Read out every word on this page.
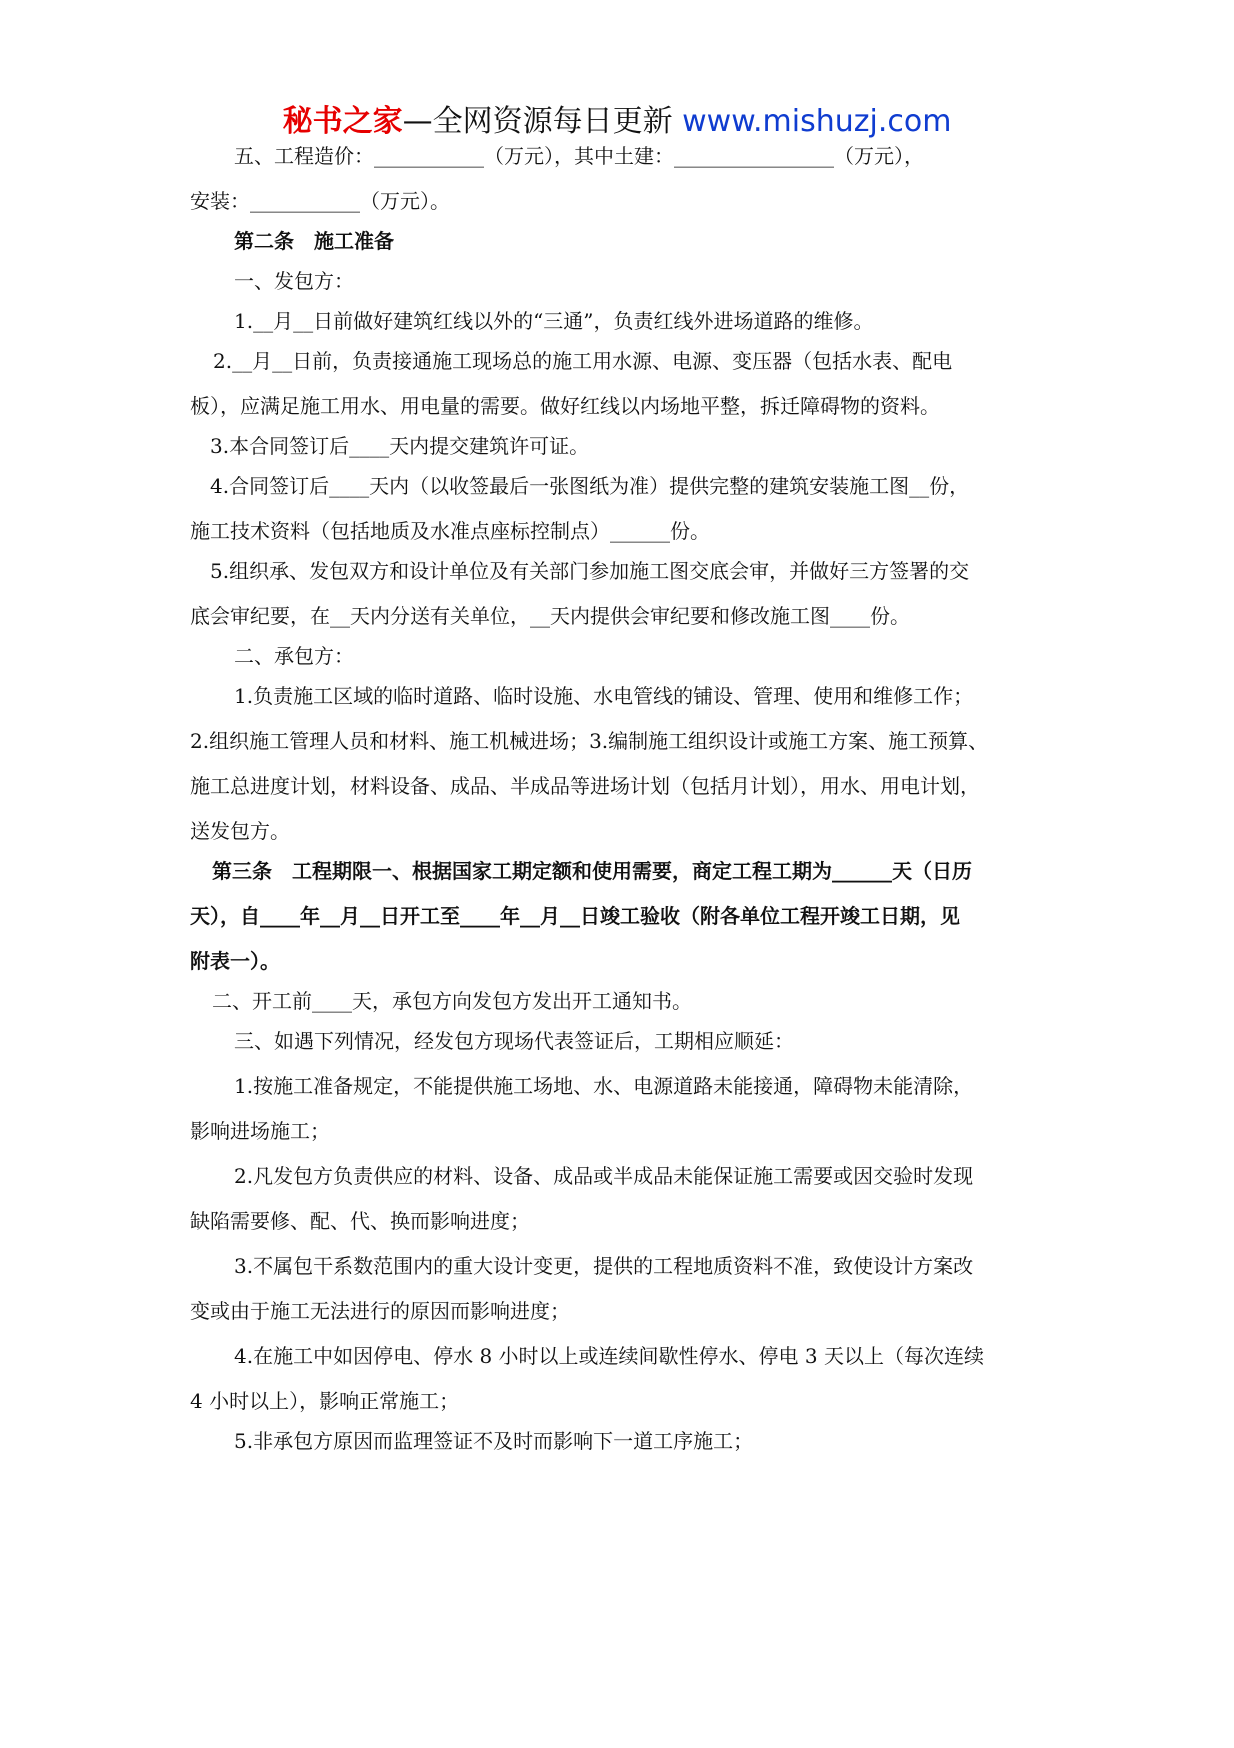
秘书之家—全网资源每日更新 www.mishuzj.com
五、工程造价：___________（万元），其中土建：________________（万元），
安装：___________（万元）。
第二条　施工准备
一、发包方：
1.__月__日前做好建筑红线以外的“三通”，负责红线外进场道路的维修。
2.__月__日前，负责接通施工现场总的施工用水源、电源、变压器（包括水表、配电
板），应满足施工用水、用电量的需要。做好红线以内场地平整，拆迁障碍物的资料。
3.本合同签订后____天内提交建筑许可证。
4.合同签订后____天内（以收签最后一张图纸为准）提供完整的建筑安装施工图__份，
施工技术资料（包括地质及水准点座标控制点）______份。
5.组织承、发包双方和设计单位及有关部门参加施工图交底会审，并做好三方签署的交
底会审纪要，在__天内分送有关单位，__天内提供会审纪要和修改施工图____份。
二、承包方：
1.负责施工区域的临时道路、临时设施、水电管线的铺设、管理、使用和维修工作；
2.组织施工管理人员和材料、施工机械进场；3.编制施工组织设计或施工方案、施工预算、
施工总进度计划，材料设备、成品、半成品等进场计划（包括月计划），用水、用电计划，
送发包方。
第三条　工程期限一、根据国家工期定额和使用需要，商定工程工期为______天（日历
天），自____年__月__日开工至____年__月__日竣工验收（附各单位工程开竣工日期，见
附表一）。
二、开工前____天，承包方向发包方发出开工通知书。
三、如遇下列情况，经发包方现场代表签证后，工期相应顺延：
1.按施工准备规定，不能提供施工场地、水、电源道路未能接通，障碍物未能清除，
影响进场施工；
2.凡发包方负责供应的材料、设备、成品或半成品未能保证施工需要或因交验时发现
缺陷需要修、配、代、换而影响进度；
3.不属包干系数范围内的重大设计变更，提供的工程地质资料不准，致使设计方案改
变或由于施工无法进行的原因而影响进度；
4.在施工中如因停电、停水 8 小时以上或连续间歇性停水、停电 3 天以上（每次连续
4 小时以上），影响正常施工；
5.非承包方原因而监理签证不及时而影响下一道工序施工；
